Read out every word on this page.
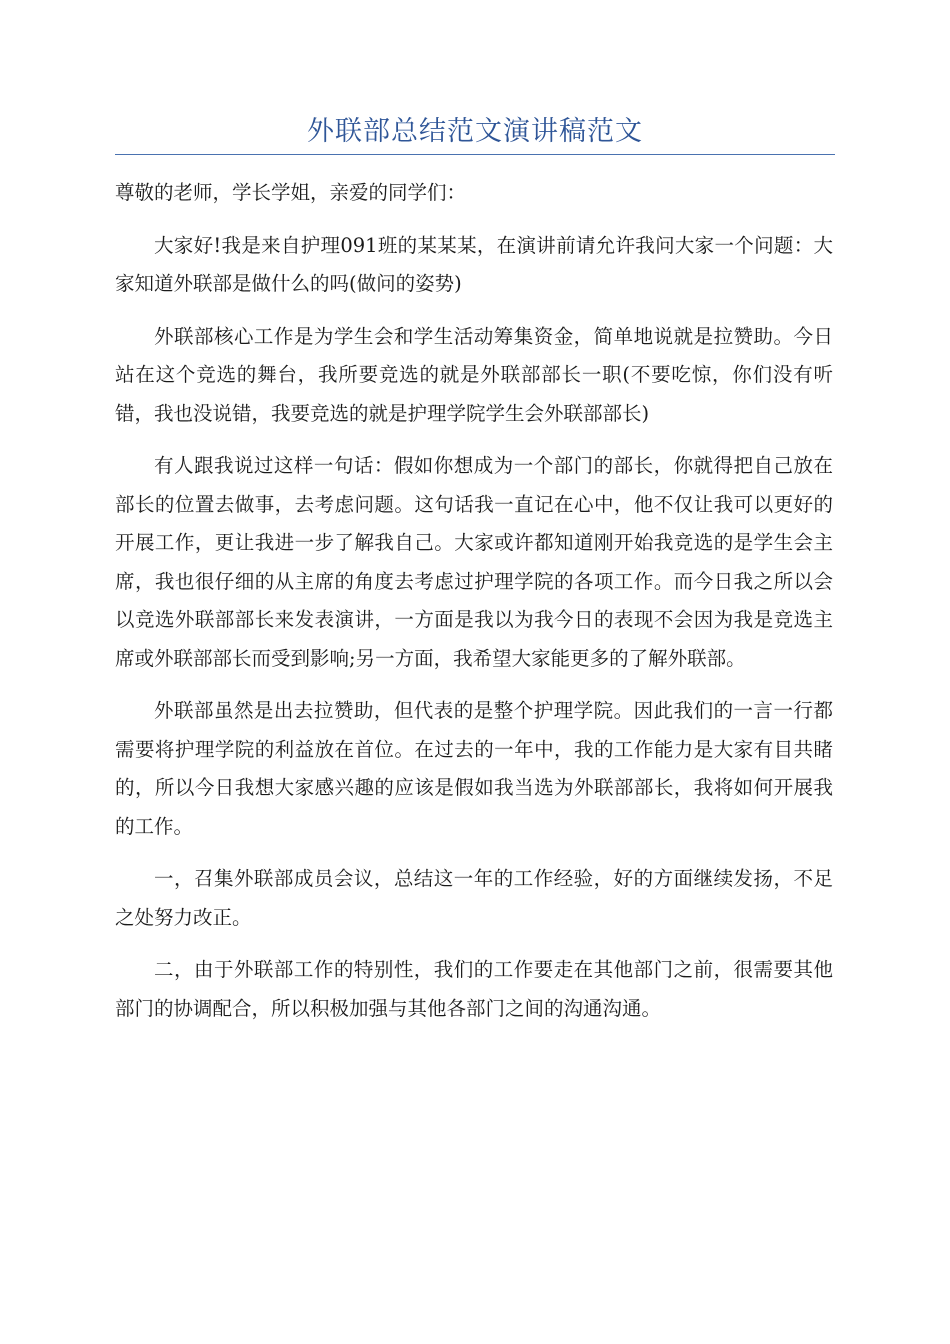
外联部总结范文演讲稿范文

尊敬的老师，学长学姐，亲爱的同学们：

大家好!我是来自护理091班的某某某，在演讲前请允许我问大家一个问题：大家知道外联部是做什么的吗(做问的姿势)

外联部核心工作是为学生会和学生活动筹集资金，简单地说就是拉赞助。今日站在这个竞选的舞台，我所要竞选的就是外联部部长一职(不要吃惊，你们没有听错，我也没说错，我要竞选的就是护理学院学生会外联部部长)

有人跟我说过这样一句话：假如你想成为一个部门的部长，你就得把自己放在部长的位置去做事，去考虑问题。这句话我一直记在心中，他不仅让我可以更好的开展工作，更让我进一步了解我自己。大家或许都知道刚开始我竞选的是学生会主席，我也很仔细的从主席的角度去考虑过护理学院的各项工作。而今日我之所以会以竞选外联部部长来发表演讲，一方面是我以为我今日的表现不会因为我是竞选主席或外联部部长而受到影响;另一方面，我希望大家能更多的了解外联部。

外联部虽然是出去拉赞助，但代表的是整个护理学院。因此我们的一言一行都需要将护理学院的利益放在首位。在过去的一年中，我的工作能力是大家有目共睹的，所以今日我想大家感兴趣的应该是假如我当选为外联部部长，我将如何开展我的工作。

一，召集外联部成员会议，总结这一年的工作经验，好的方面继续发扬，不足之处努力改正。

二，由于外联部工作的特别性，我们的工作要走在其他部门之前，很需要其他部门的协调配合，所以积极加强与其他各部门之间的沟通沟通。
